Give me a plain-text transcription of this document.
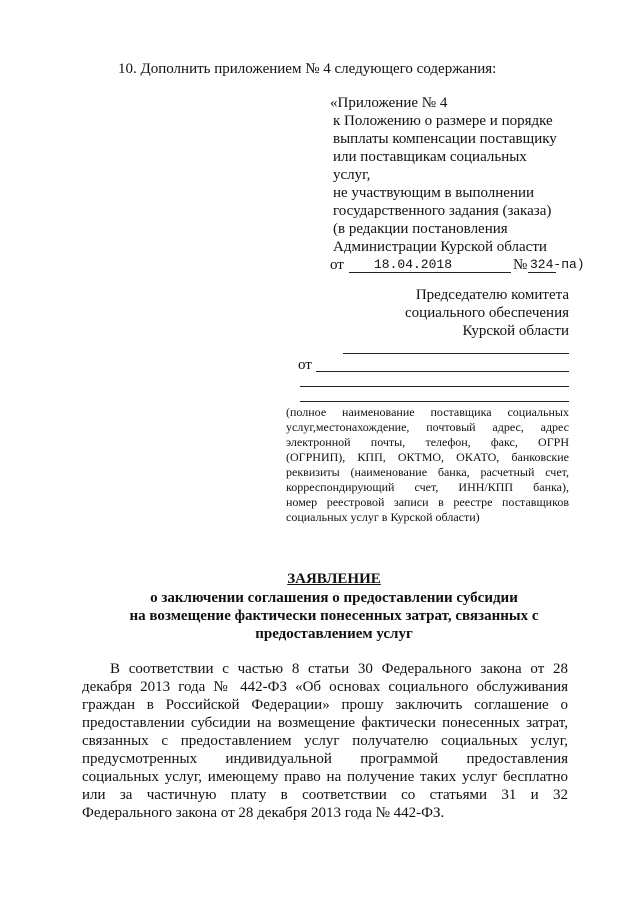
10. Дополнить приложением № 4 следующего содержания:
«Приложение № 4
к Положению о размере и порядке
выплаты компенсации поставщику
или поставщикам социальных
услуг,
не участвующим в выполнении
государственного задания (заказа)
(в редакции постановления
Администрации Курской области
от 18.04.2018	№ 324-па)
Председателю комитета
социального обеспечения
Курской области
от
(полное наименование поставщика социальных
услуг,местонахождение, почтовый адрес, адрес
электронной почты, телефон, факс, ОГРН
(ОГРНИП), КПП, ОКТМО, ОКАТО, банковские
реквизиты (наименование банка, расчетный счет,
корреспондирующий счет, ИНН/КПП банка),
номер реестровой записи в реестре поставщиков
социальных услуг в Курской области)
ЗАЯВЛЕНИЕ
о заключении соглашения о предоставлении субсидии
на возмещение фактически понесенных затрат, связанных с
предоставлением услуг
В соответствии с частью 8 статьи 30 Федерального закона от 28
декабря 2013 года № 442-ФЗ «Об основах социального обслуживания
граждан в Российской Федерации» прошу заключить соглашение о
предоставлении субсидии на возмещение фактически понесенных затрат,
связанных с предоставлением услуг получателю социальных услуг,
предусмотренных индивидуальной программой предоставления
социальных услуг, имеющему право на получение таких услуг бесплатно
или за частичную плату в соответствии со статьями 31 и 32
Федерального закона от 28 декабря 2013 года № 442-ФЗ.
